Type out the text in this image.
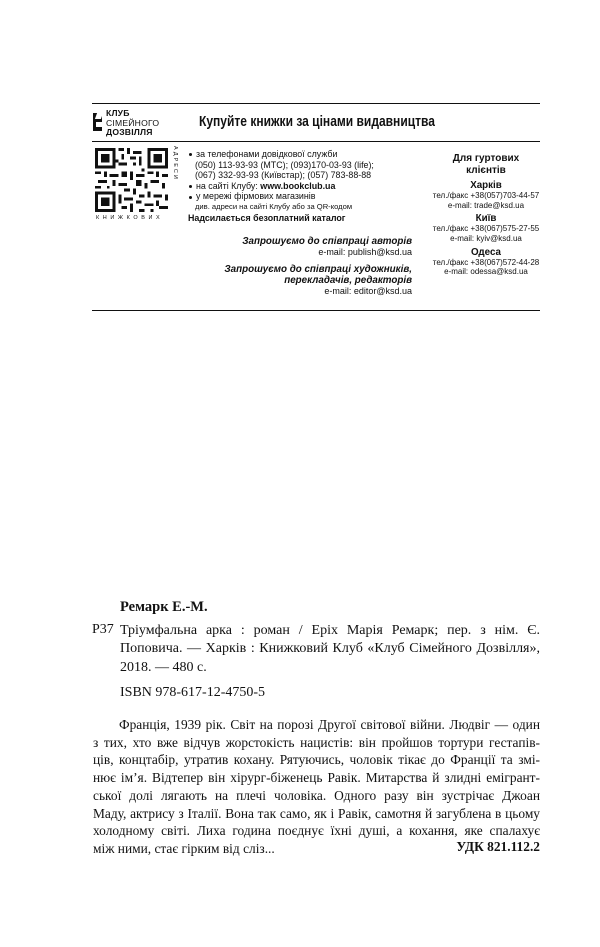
КЛУБ
СІМЕЙНОГО
ДОЗВІЛЛЯ
Купуйте книжки за цінами видавництва
АДРЕСИ
КНИЖКОВИХ
за телефонами довідкової служби
(050) 113-93-93 (МТС); (093)170-03-93 (life);
(067) 332-93-93 (Київстар); (057) 783-88-88
на сайті Клубу: www.bookclub.ua
у мережі фірмових магазинів
див. адреси на сайті Клубу або за QR-кодом
Надсилається безоплатний каталог
Запрошуємо до співпраці авторів
e-mail: publish@ksd.ua
Запрошуємо до співпраці художників,
перекладачів, редакторів
e-mail: editor@ksd.ua
Для гуртових
клієнтів
Харків
тел./факс +38(057)703-44-57
e-mail: trade@ksd.ua
Київ
тел./факс +38(067)575-27-55
e-mail: kyiv@ksd.ua
Одеса
тел./факс +38(067)572-44-28
e-mail: odessa@ksd.ua
Ремарк Е.-М.
Р37 Тріумфальна арка : роман / Еріх Марія Ремарк; пер. з нім. Є. Поповича. — Харків : Книжковий Клуб «Клуб Сімейного Дозвілля», 2018. — 480 с.
ISBN 978-617-12-4750-5
Франція, 1939 рік. Світ на порозі Другої світової війни. Людвіг — один
з тих, хто вже відчув жорстокість нацистів: він пройшов тортури гестапів-
ців, концтабір, утратив кохану. Рятуючись, чоловік тікає до Франції та змі-
нює ім’я. Відтепер він хірург-біженець Равік. Митарства й злидні емігрант-
ської долі лягають на плечі чоловіка. Одного разу він зустрічає Джоан
Маду, актрису з Італії. Вона так само, як і Равік, самотня й загублена в цьому
холодному світі. Лиха година поєднує їхні душі, а кохання, яке спалахує
між ними, стає гірким від сліз...	УДК 821.112.2
